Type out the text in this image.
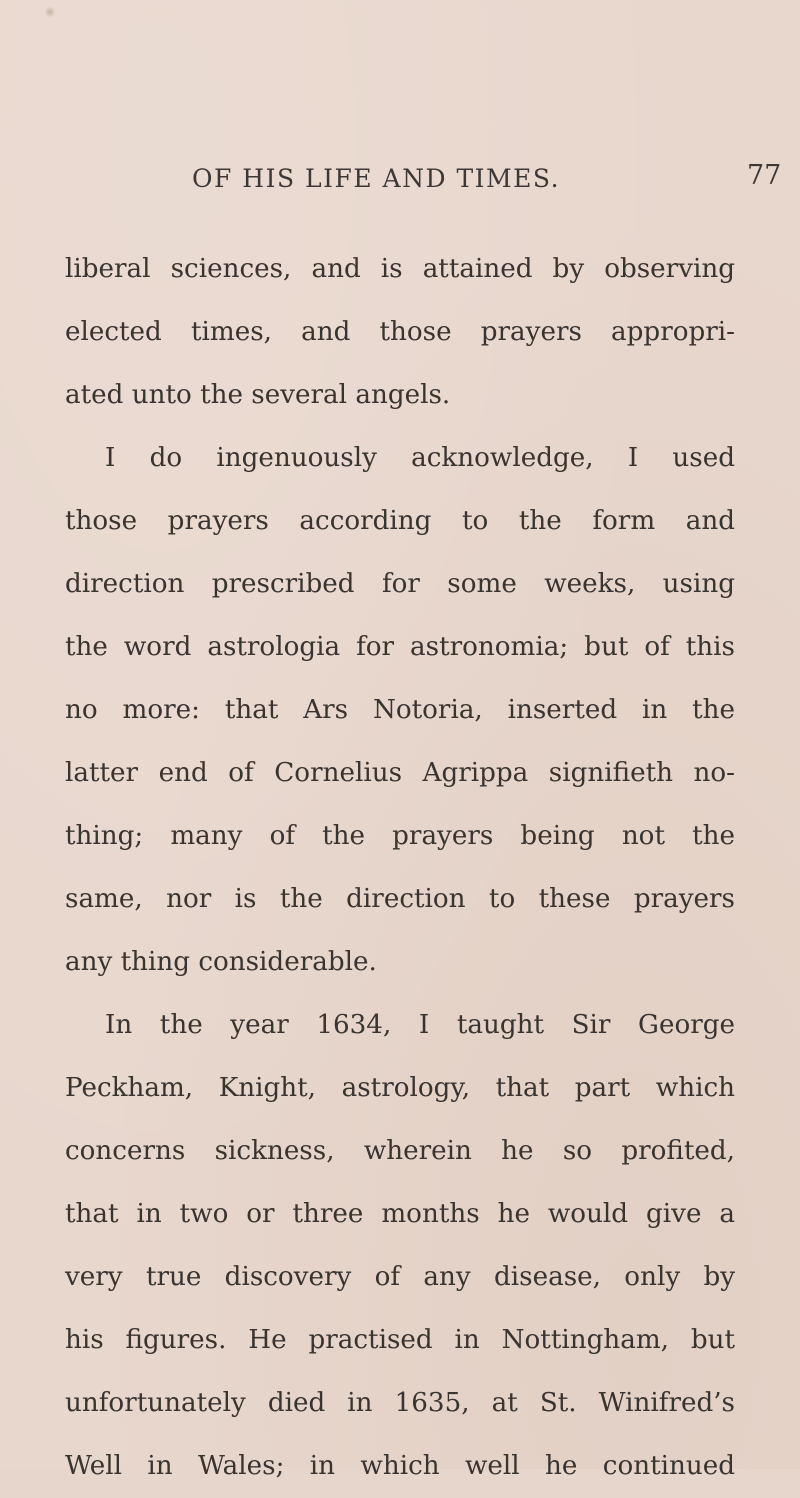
OF HIS LIFE AND TIMES.	77
liberal sciences, and is attained by observing
elected times, and those prayers appropri-
ated unto the several angels.
I do ingenuously acknowledge, I used
those prayers according to the form and
direction prescribed for some weeks, using
the word astrologia for astronomia; but of this
no more: that Ars Notoria, inserted in the
latter end of Cornelius Agrippa signifieth no-
thing; many of the prayers being not the
same, nor is the direction to these prayers
any thing considerable.
In the year 1634, I taught Sir George
Peckham, Knight, astrology, that part which
concerns sickness, wherein he so profited,
that in two or three months he would give a
very true discovery of any disease, only by
his figures. He practised in Nottingham, but
unfortunately died in 1635, at St. Winifred’s
Well in Wales; in which well he continued
